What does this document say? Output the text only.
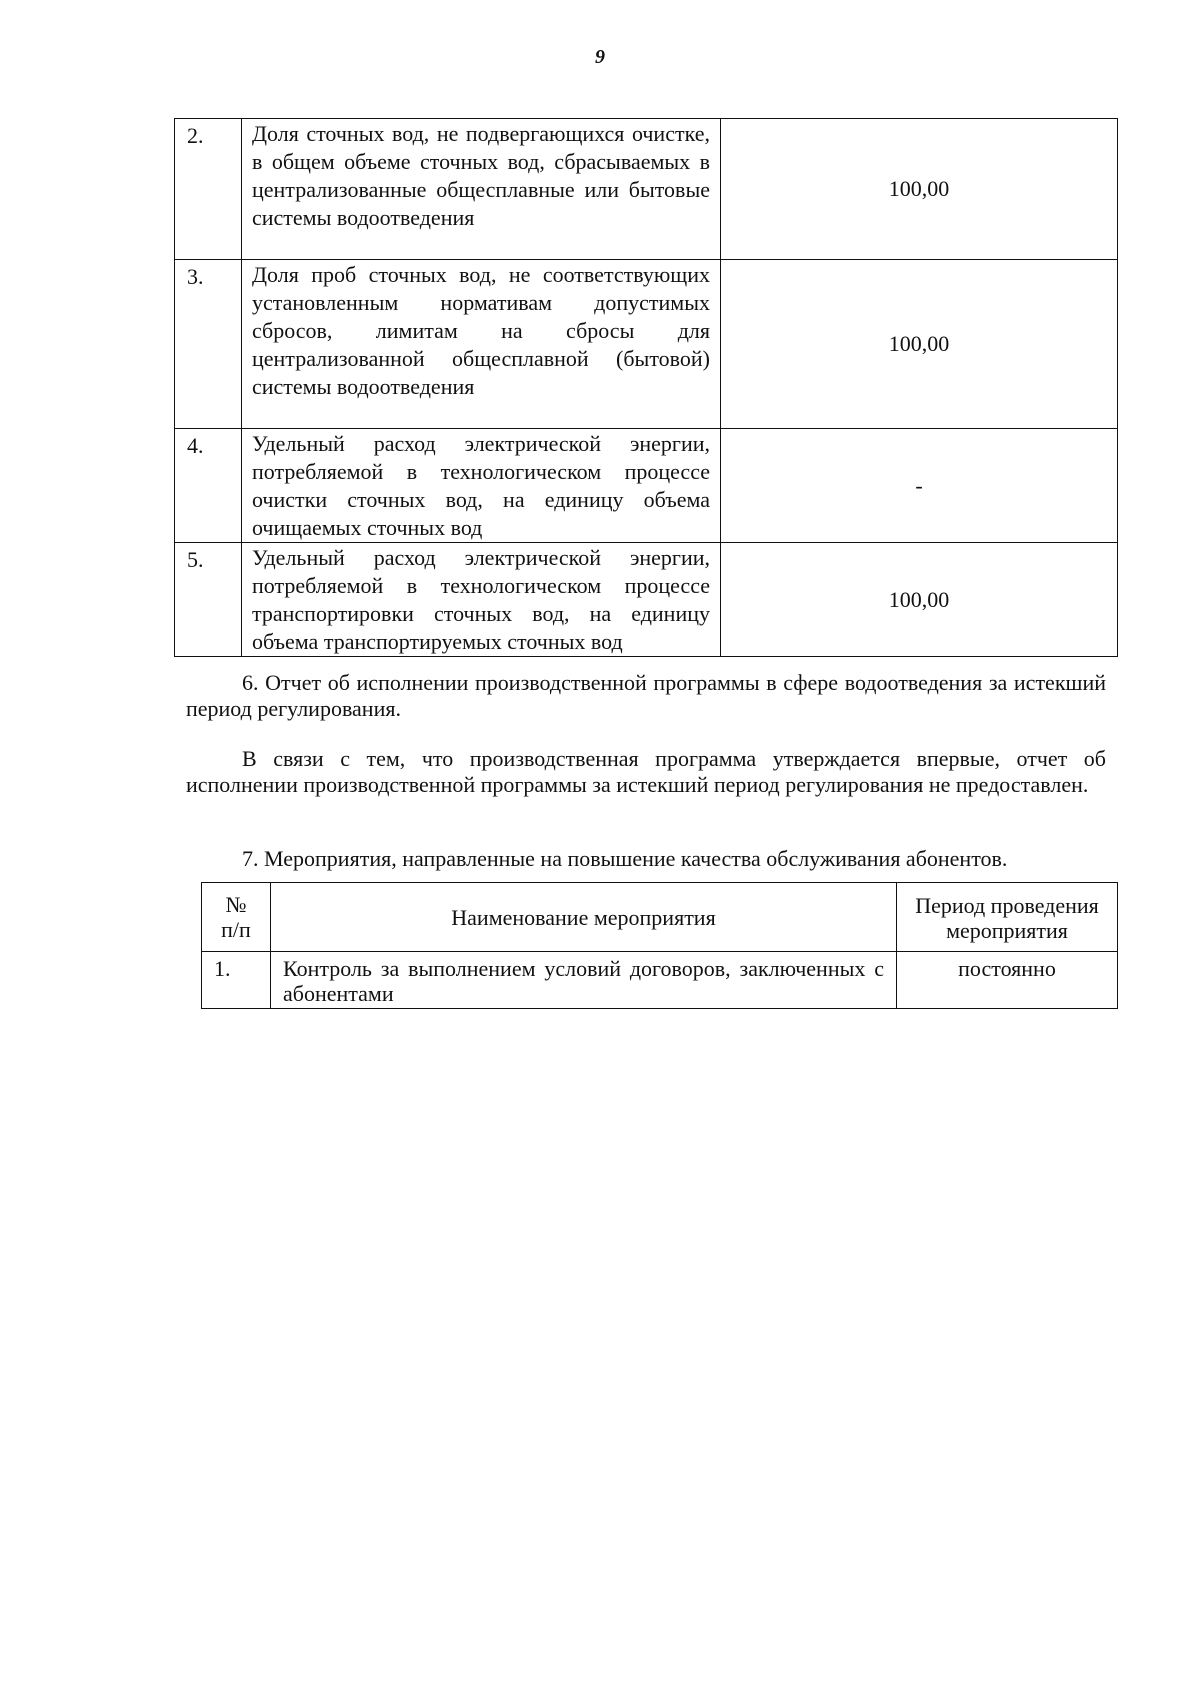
9
2.	Доля сточных вод, не подвергающихся очистке, в общем объеме сточных вод, сбрасываемых в централизованные общесплавные или бытовые системы водоотведения	100,00
3.	Доля проб сточных вод, не соответствующих установленным нормативам допустимых сбросов, лимитам на сбросы для централизованной общесплавной (бытовой) системы водоотведения	100,00
4.	Удельный расход электрической энергии, потребляемой в технологическом процессе очистки сточных вод, на единицу объема очищаемых сточных вод	-
5.	Удельный расход электрической энергии, потребляемой в технологическом процессе транспортировки сточных вод, на единицу объема транспортируемых сточных вод	100,00

6. Отчет об исполнении производственной программы в сфере водоотведения за истекший период регулирования.

В связи с тем, что производственная программа утверждается впервые, отчет об исполнении производственной программы за истекший период регулирования не предоставлен.

7. Мероприятия, направленные на повышение качества обслуживания абонентов.

№
п/п	Наименование мероприятия	Период проведения мероприятия
1.	Контроль за выполнением условий договоров, заключенных с абонентами	постоянно
